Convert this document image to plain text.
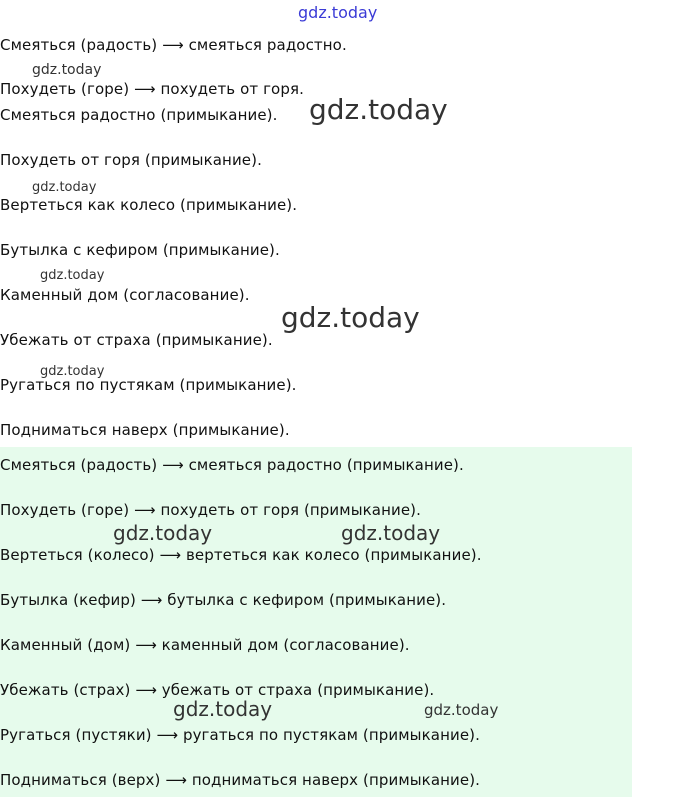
gdz.today
gdz.today
gdz.today
gdz.today
gdz.today
gdz.today
gdz.today
gdz.today	gdz.today
gdz.today	gdz.today
Смеяться (радость) ⟶ смеяться радостно.
Похудеть (горе) ⟶ похудеть от горя.
Смеяться радостно (примыкание).
Похудеть от горя (примыкание).
Вертеться как колесо (примыкание).
Бутылка с кефиром (примыкание).
Каменный дом (согласование).
Убежать от страха (примыкание).
Ругаться по пустякам (примыкание).
Подниматься наверх (примыкание).
Смеяться (радость) ⟶ смеяться радостно (примыкание).
Похудеть (горе) ⟶ похудеть от горя (примыкание).
Вертеться (колесо) ⟶ вертеться как колесо (примыкание).
Бутылка (кефир) ⟶ бутылка с кефиром (примыкание).
Каменный (дом) ⟶ каменный дом (согласование).
Убежать (страх) ⟶ убежать от страха (примыкание).
Ругаться (пустяки) ⟶ ругаться по пустякам (примыкание).
Подниматься (верх) ⟶ подниматься наверх (примыкание).
